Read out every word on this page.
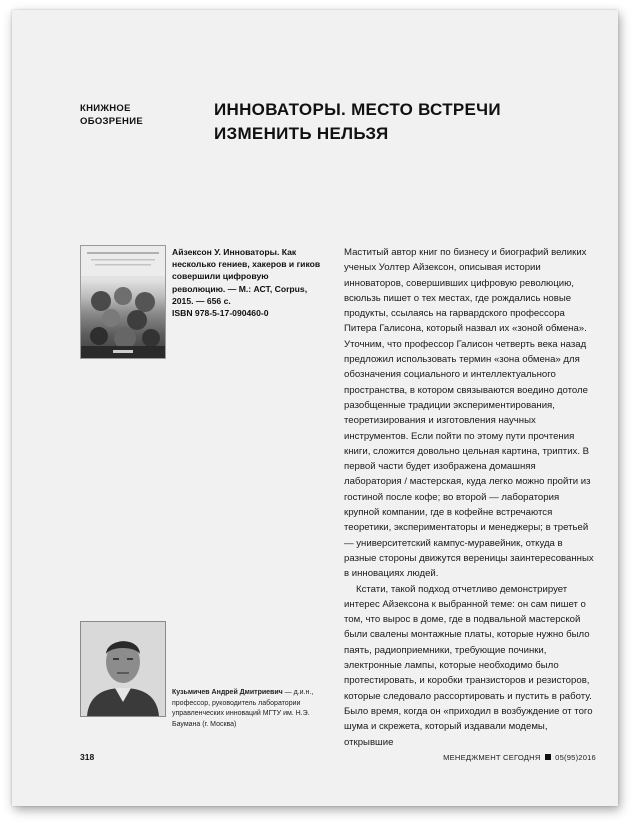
КНИЖНОЕ
ОБОЗРЕНИЕ
ИННОВАТОРЫ. МЕСТО ВСТРЕЧИ
ИЗМЕНИТЬ НЕЛЬЗЯ
Айзексон У. Инноваторы. Как несколько гениев, хакеров и гиков совершили цифровую революцию. — М.: АСТ, Corpus, 2015. — 656 с.
ISBN 978-5-17-090460-0
Кузьмичев Андрей Дмитриевич — д.и.н., профессор, руководитель лаборатории управленческих инноваций МГТУ им. Н.Э. Баумана (г. Москва)

Маститый автор книг по бизнесу и биографий великих ученых Уолтер Айзексон, описывая истории инноваторов, совершивших цифровую революцию, всюльзь пишет о тех местах, где рождались новые продукты, ссылаясь на гарвардского профессора Питера Галисона, который назвал их «зоной обмена». Уточним, что профессор Галисон четверть века назад предложил использовать термин «зона обмена» для обозначения социального и интеллектуального пространства, в котором связываются воедино дотоле разобщенные традиции экспериментирования, теоретизирования и изготовления научных инструментов. Если пойти по этому пути прочтения книги, сложится довольно цельная картина, триптих. В первой части будет изображена домашняя лаборатория / мастерская, куда легко можно пройти из гостиной после кофе; во второй — лаборатория крупной компании, где в кофейне встречаются теоретики, экспериментаторы и менеджеры; в третьей — университетский кампус-муравейник, откуда в разные стороны движутся вереницы заинтересованных в инновациях людей.

Кстати, такой подход отчетливо демонстрирует интерес Айзексона к выбранной теме: он сам пишет о том, что вырос в доме, где в подвальной мастерской были свалены монтажные платы, которые нужно было паять, радиоприемники, требующие починки, электронные лампы, которые необходимо было протестировать, и коробки транзисторов и резисторов, которые следовало рассортировать и пустить в работу. Было время, когда он «приходил в возбуждение от того шума и скрежета, который издавали модемы, открывшие

318	МЕНЕДЖМЕНТ СЕГОДНЯ 05(95)2016
